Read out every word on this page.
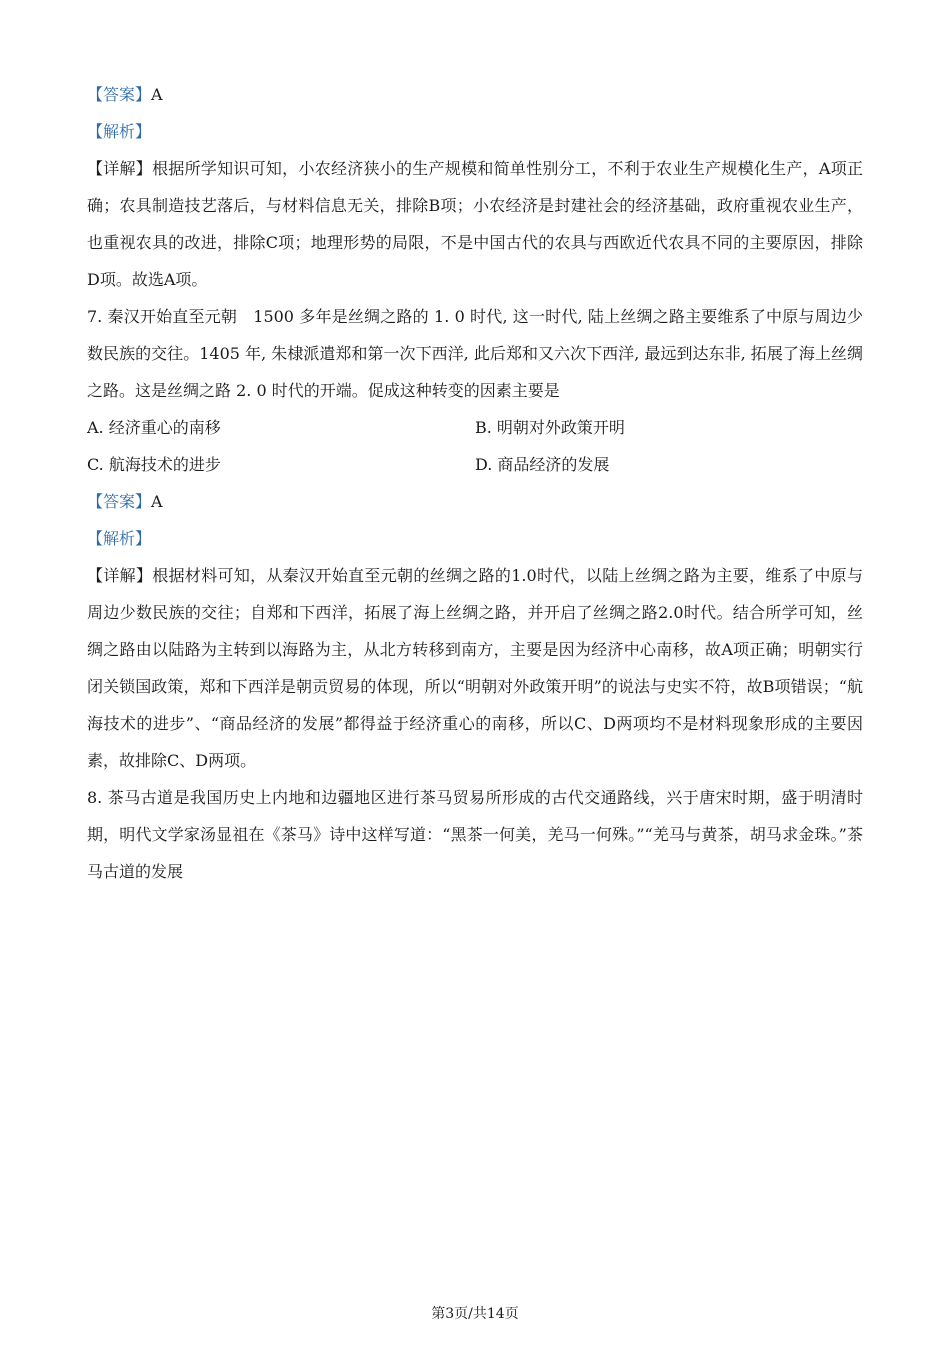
【答案】A

【解析】

【详解】根据所学知识可知，小农经济狭小的生产规模和简单性别分工，不利于农业生产规模化生产，A项正确；农具制造技艺落后，与材料信息无关，排除B项；小农经济是封建社会的经济基础，政府重视农业生产，也重视农具的改进，排除C项；地理形势的局限，不是中国古代的农具与西欧近代农具不同的主要原因，排除D项。故选A项。

7. 秦汉开始直至元朝　1500 多年是丝绸之路的 1. 0 时代, 这一时代, 陆上丝绸之路主要维系了中原与周边少数民族的交往。1405 年, 朱棣派遣郑和第一次下西洋, 此后郑和又六次下西洋, 最远到达东非, 拓展了海上丝绸之路。这是丝绸之路 2. 0 时代的开端。促成这种转变的因素主要是

A. 经济重心的南移	B. 明朝对外政策开明

C. 航海技术的进步	D. 商品经济的发展

【答案】A

【解析】

【详解】根据材料可知，从秦汉开始直至元朝的丝绸之路的1.0时代，以陆上丝绸之路为主要，维系了中原与周边少数民族的交往；自郑和下西洋，拓展了海上丝绸之路，并开启了丝绸之路2.0时代。结合所学可知，丝绸之路由以陆路为主转到以海路为主，从北方转移到南方，主要是因为经济中心南移，故A项正确；明朝实行闭关锁国政策，郑和下西洋是朝贡贸易的体现，所以“明朝对外政策开明”的说法与史实不符，故B项错误；“航海技术的进步”、“商品经济的发展”都得益于经济重心的南移，所以C、D两项均不是材料现象形成的主要因素，故排除C、D两项。

8. 茶马古道是我国历史上内地和边疆地区进行茶马贸易所形成的古代交通路线，兴于唐宋时期，盛于明清时期，明代文学家汤显祖在《茶马》诗中这样写道：“黑茶一何美，羌马一何殊。”“羌马与黄茶，胡马求金珠。”茶马古道的发展

第3页/共14页
